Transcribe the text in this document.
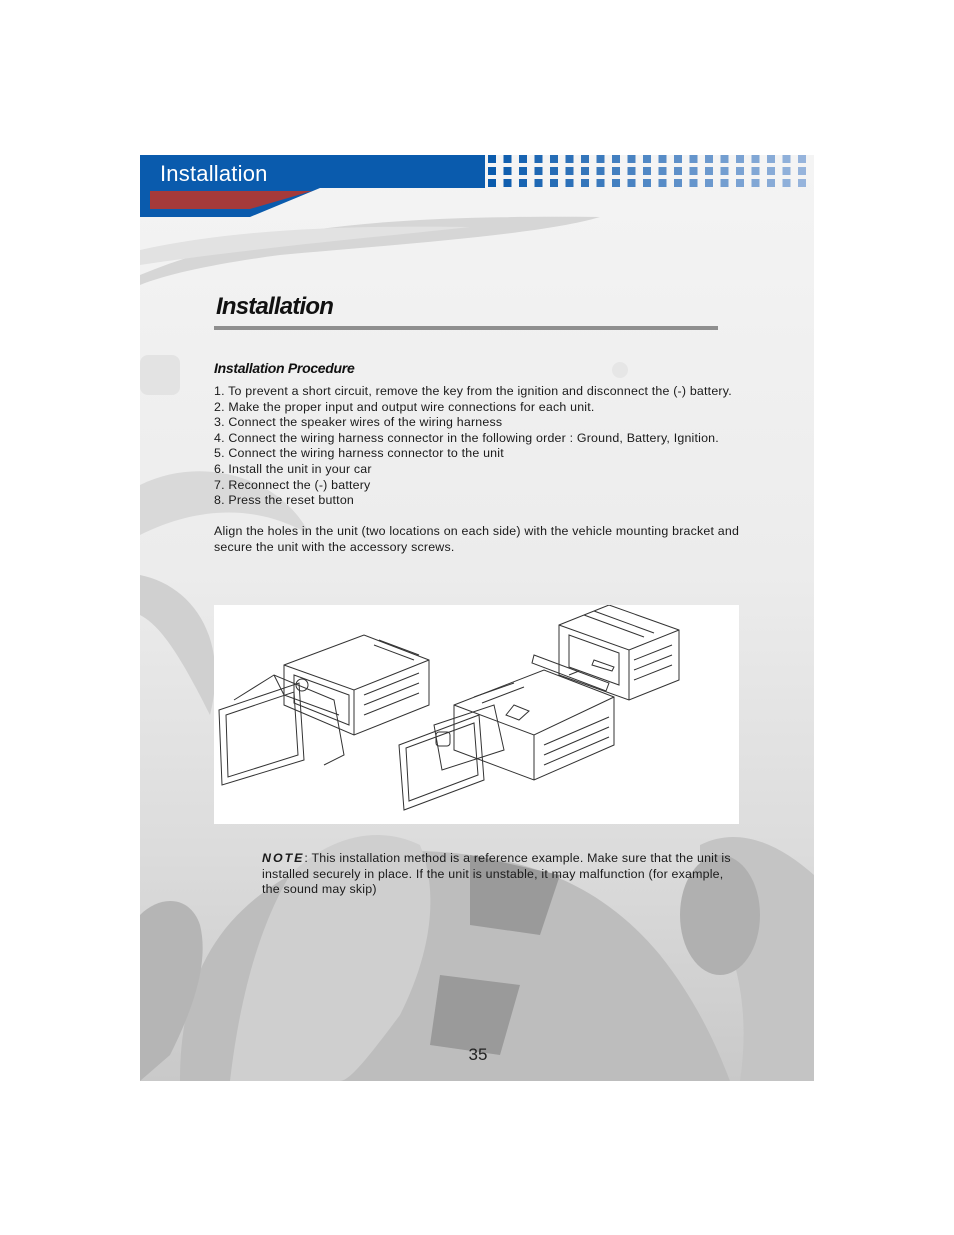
Installation
Installation
Installation Procedure
1. To prevent a short circuit, remove the key from the ignition and disconnect the (-) battery.
2. Make the proper input and output wire connections for each unit.
3. Connect the speaker wires of the wiring harness
4. Connect the wiring harness connector in the following order : Ground, Battery, Ignition.
5. Connect the wiring harness connector to the unit
6. Install the unit in your car
7. Reconnect the (-) battery
8. Press the reset button
Align the holes in the unit (two locations on each side) with the vehicle mounting bracket and secure the unit with the accessory screws.
NOTE: This installation method is a reference example. Make sure that the unit is installed securely in place. If the unit is unstable, it may malfunction (for example, the sound may skip)
35
